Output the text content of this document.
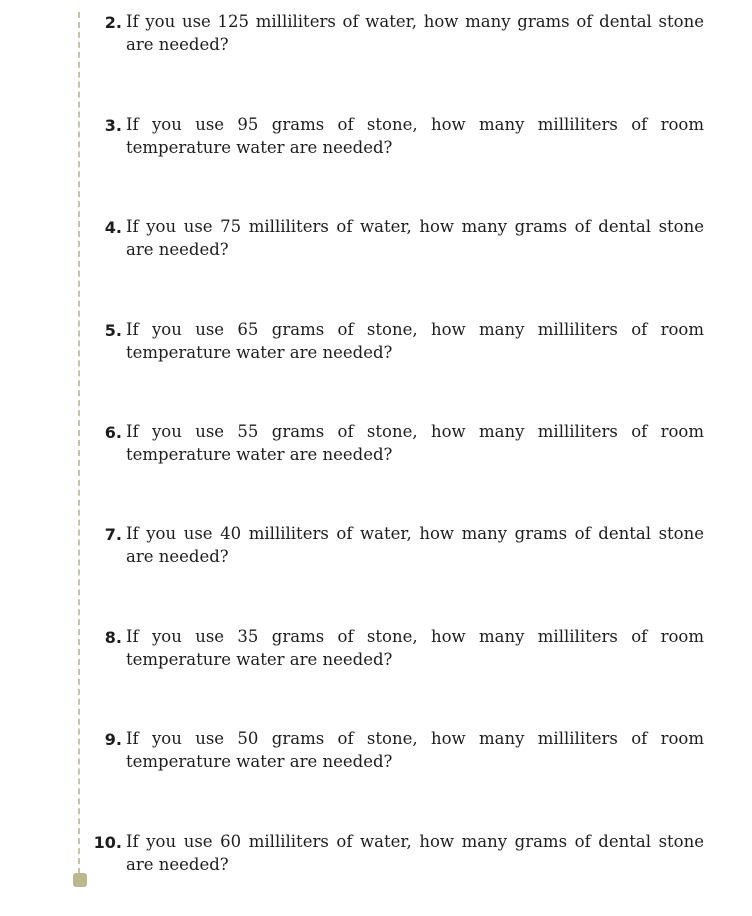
2. If you use 125 milliliters of water, how many grams of dental stone are needed?
3. If you use 95 grams of stone, how many milliliters of room temperature water are needed?
4. If you use 75 milliliters of water, how many grams of dental stone are needed?
5. If you use 65 grams of stone, how many milliliters of room temperature water are needed?
6. If you use 55 grams of stone, how many milliliters of room temperature water are needed?
7. If you use 40 milliliters of water, how many grams of dental stone are needed?
8. If you use 35 grams of stone, how many milliliters of room temperature water are needed?
9. If you use 50 grams of stone, how many milliliters of room temperature water are needed?
10. If you use 60 milliliters of water, how many grams of dental stone are needed?
